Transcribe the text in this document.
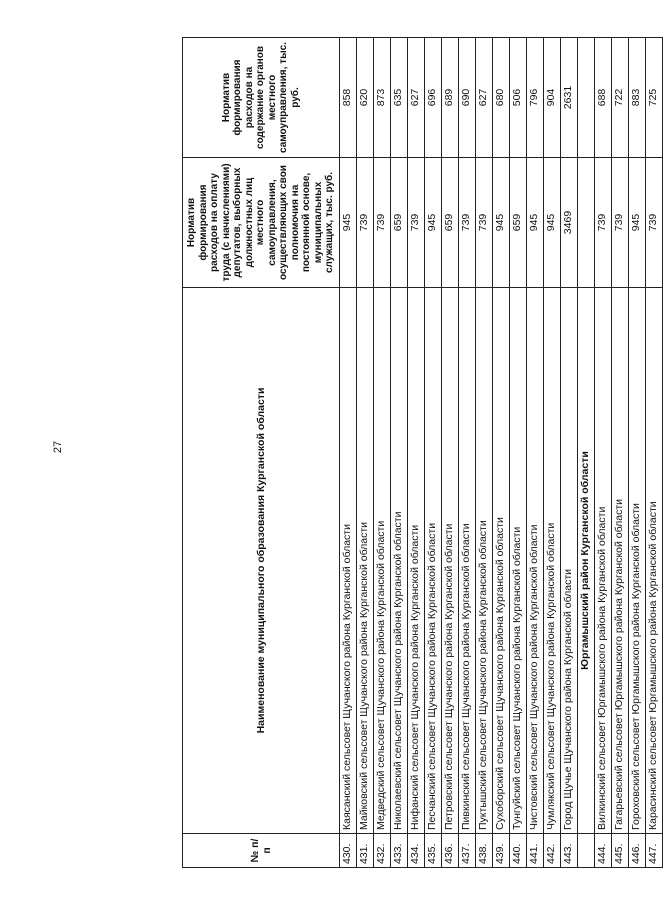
27
№ п/п	Наименование муниципального образования Курганской области	Норматив формирования расходов на оплату труда (с начислениями) депутатов, выборных должностных лиц местного самоуправления, осуществляющих свои полномочия на постоянной основе, муниципальных служащих, тыс. руб.	Норматив формирования расходов на содержание органов местного самоуправления, тыс. руб.
430.	Каясанский сельсовет Щучанского района Курганской области	945	858
431.	Майковский сельсовет Щучанского района Курганской области	739	620
432.	Медведский сельсовет Щучанского района Курганской области	739	873
433.	Николаевский сельсовет Щучанского района Курганской области	659	635
434.	Нифанский сельсовет Щучанского района Курганской области	739	627
435.	Песчанский сельсовет Щучанского района Курганской области	945	696
436.	Петровский сельсовет Щучанского района Курганской области	659	689
437.	Пивкинский сельсовет Щучанского района Курганской области	739	690
438.	Пуктышский сельсовет Щучанского района Курганской области	739	627
439.	Сухоборский сельсовет Щучанского района Курганской области	945	680
440.	Тунгуйский сельсовет Щучанского района Курганской области	659	506
441.	Чистовский сельсовет Щучанского района Курганской области	945	796
442.	Чумлякский сельсовет Щучанского района Курганской области	945	904
443.	Город Щучье Щучанского района Курганской области	3469	2631
	Юргамышский район Курганской области		
444.	Вилкинский сельсовет Юргамышского района Курганской области	739	688
445.	Гагарьевский сельсовет Юргамышского района Курганской области	739	722
446.	Гороховский сельсовет Юргамышского района Курганской области	945	883
447.	Карасинский сельсовет Юргамышского района Курганской области	739	725
